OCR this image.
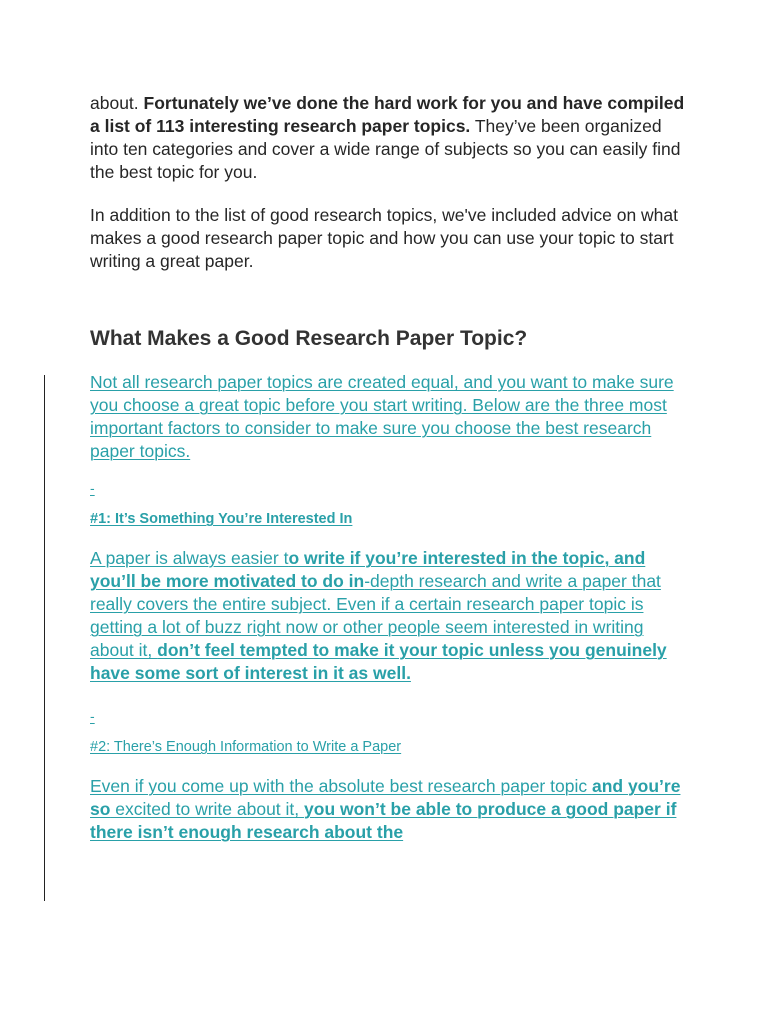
about. Fortunately we’ve done the hard work for you and have compiled a list of 113 interesting research paper topics. They’ve been organized into ten categories and cover a wide range of subjects so you can easily find the best topic for you.

In addition to the list of good research topics, we've included advice on what makes a good research paper topic and how you can use your topic to start writing a great paper.

What Makes a Good Research Paper Topic?

Not all research paper topics are created equal, and you want to make sure you choose a great topic before you start writing. Below are the three most important factors to consider to make sure you choose the best research paper topics.

-
#1: It’s Something You’re Interested In

A paper is always easier to write if you’re interested in the topic, and you’ll be more motivated to do in-depth research and write a paper that really covers the entire subject. Even if a certain research paper topic is getting a lot of buzz right now or other people seem interested in writing about it, don’t feel tempted to make it your topic unless you genuinely have some sort of interest in it as well.

-
#2: There’s Enough Information to Write a Paper

Even if you come up with the absolute best research paper topic and you’re so excited to write about it, you won’t be able to produce a good paper if there isn’t enough research about the
